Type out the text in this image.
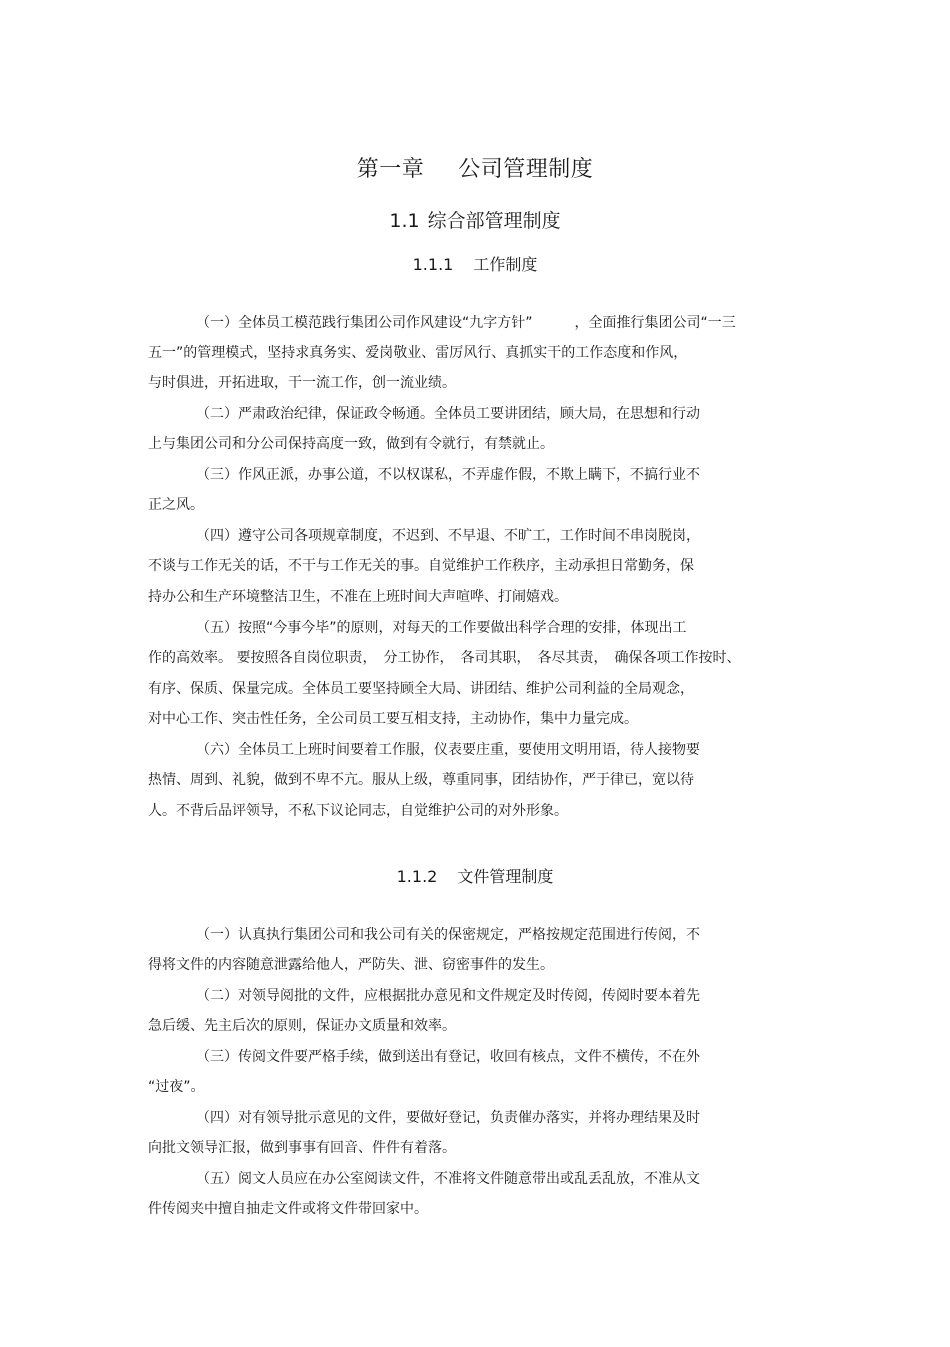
第一章 公司管理制度
1.1 综合部管理制度
1.1.1 工作制度
（一）全体员工模范践行集团公司作风建设“九字方针”　　　，全面推行集团公司“一三
五一”的管理模式，坚持求真务实、爱岗敬业、雷厉风行、真抓实干的工作态度和作风，
与时俱进，开拓进取，干一流工作，创一流业绩。
（二）严肃政治纪律，保证政令畅通。全体员工要讲团结，顾大局，在思想和行动
上与集团公司和分公司保持高度一致，做到有令就行，有禁就止。
（三）作风正派，办事公道，不以权谋私，不弄虚作假，不欺上瞒下，不搞行业不
正之风。
（四）遵守公司各项规章制度，不迟到、不早退、不旷工，工作时间不串岗脱岗，
不谈与工作无关的话，不干与工作无关的事。自觉维护工作秩序，主动承担日常勤务，保
持办公和生产环境整洁卫生，不准在上班时间大声喧哗、打闹嬉戏。
（五）按照“今事今毕”的原则，对每天的工作要做出科学合理的安排，体现出工
作的高效率。 要按照各自岗位职责，　分工协作，　各司其职，　各尽其责，　确保各项工作按时、
有序、保质、保量完成。全体员工要坚持顾全大局、讲团结、维护公司利益的全局观念，
对中心工作、突击性任务，全公司员工要互相支持，主动协作，集中力量完成。
（六）全体员工上班时间要着工作服，仪表要庄重，要使用文明用语，待人接物要
热情、周到、礼貌，做到不卑不亢。服从上级，尊重同事，团结协作，严于律已，宽以待
人。不背后品评领导，不私下议论同志，自觉维护公司的对外形象。
1.1.2 文件管理制度
（一）认真执行集团公司和我公司有关的保密规定，严格按规定范围进行传阅，不
得将文件的内容随意泄露给他人，严防失、泄、窃密事件的发生。
（二）对领导阅批的文件，应根据批办意见和文件规定及时传阅，传阅时要本着先
急后缓、先主后次的原则，保证办文质量和效率。
（三）传阅文件要严格手续，做到送出有登记，收回有核点，文件不横传，不在外
“过夜”。
（四）对有领导批示意见的文件，要做好登记，负责催办落实，并将办理结果及时
向批文领导汇报，做到事事有回音、件件有着落。
（五）阅文人员应在办公室阅读文件，不准将文件随意带出或乱丢乱放，不准从文
件传阅夹中擅自抽走文件或将文件带回家中。
